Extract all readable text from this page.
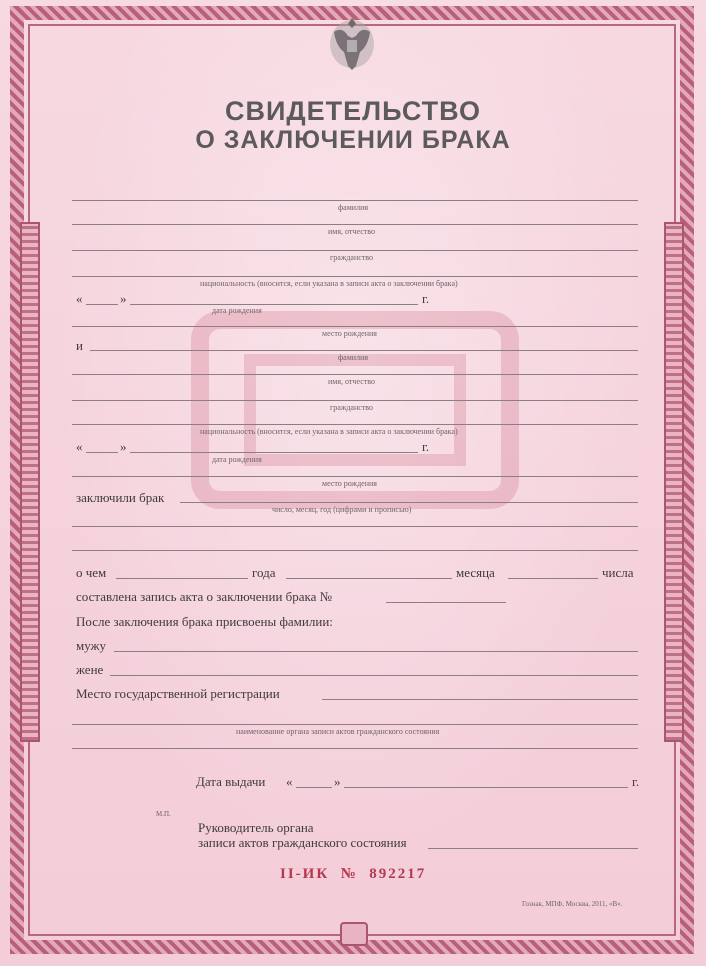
СВИДЕТЕЛЬСТВО
О ЗАКЛЮЧЕНИИ БРАКА
фамилия
имя, отчество
гражданство
национальность (вносится, если указана в записи акта о заключении брака)
«	»	г.
дата рождения
место рождения
и
фамилия
имя, отчество
гражданство
национальность (вносится, если указана в записи акта о заключении брака)
«	»	г.
дата рождения
место рождения
заключили брак
число, месяц, год (цифрами и прописью)
о чем	года	месяца	числа
составлена запись акта о заключении брака №
После заключения брака присвоены фамилии:
мужу
жене
Место государственной регистрации
наименование органа записи актов гражданского состояния
Дата выдачи «	»	г.
М.П.
Руководитель органа
записи актов гражданского состояния
II-ИК № 892217
Гознак, МПФ, Москва, 2011, «В».
